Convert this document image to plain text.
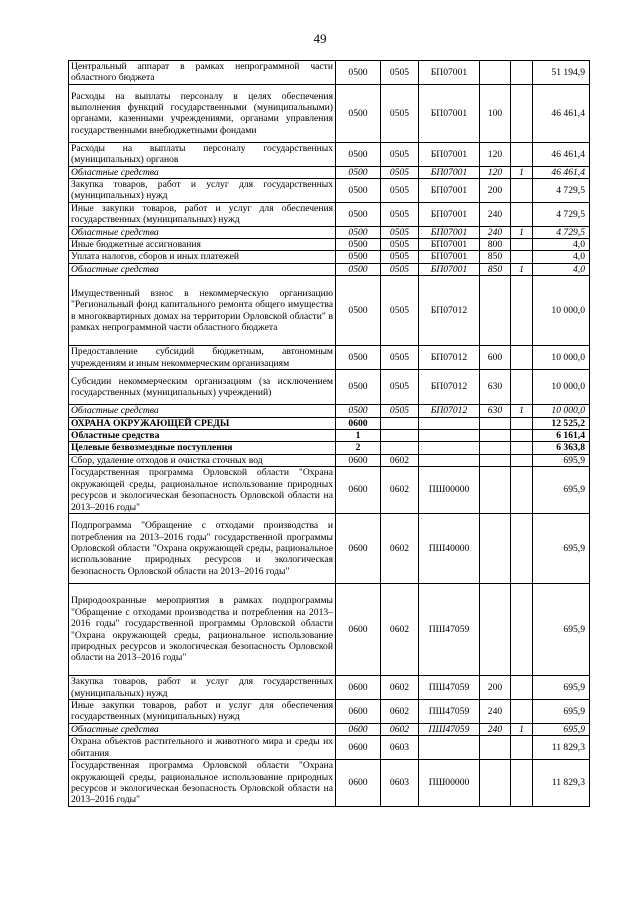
49
Центральный аппарат в рамках непрограммной части областного бюджета	0500	0505	БП07001			51 194,9
Расходы на выплаты персоналу в целях обеспечения выполнения функций государственными (муниципальными) органами, казенными учреждениями, органами управления государственными внебюджетными фондами	0500	0505	БП07001	100		46 461,4
Расходы на выплаты персоналу государственных (муниципальных) органов	0500	0505	БП07001	120		46 461,4
Областные средства	0500	0505	БП07001	120	1	46 461,4
Закупка товаров, работ и услуг для государственных (муниципальных) нужд	0500	0505	БП07001	200		4 729,5
Иные закупки товаров, работ и услуг для обеспечения государственных (муниципальных) нужд	0500	0505	БП07001	240		4 729,5
Областные средства	0500	0505	БП07001	240	1	4 729,5
Иные бюджетные ассигнования	0500	0505	БП07001	800		4,0
Уплата налогов, сборов и иных платежей	0500	0505	БП07001	850		4,0
Областные средства	0500	0505	БП07001	850	1	4,0
Имущественный взнос в некоммерческую организацию "Региональный фонд капитального ремонта общего имущества в многоквартирных домах на территории Орловской области" в рамках непрограммной части областного бюджета	0500	0505	БП07012			10 000,0
Предоставление субсидий бюджетным, автономным учреждениям и иным некоммерческим организациям	0500	0505	БП07012	600		10 000,0
Субсидии некоммерческим организациям (за исключением государственных (муниципальных) учреждений)	0500	0505	БП07012	630		10 000,0
Областные средства	0500	0505	БП07012	630	1	10 000,0
ОХРАНА ОКРУЖАЮЩЕЙ СРЕДЫ	0600					12 525,2
Областные средства	1					6 161,4
Целевые безвозмездные поступления	2					6 363,8
Сбор, удаление отходов и очистка сточных вод	0600	0602				695,9
Государственная программа Орловской области "Охрана окружающей среды, рациональное использование природных ресурсов и экологическая безопасность Орловской области на 2013–2016 годы"	0600	0602	ПШ00000			695,9
Подпрограмма "Обращение с отходами производства и потребления на 2013–2016 годы" государственной программы Орловской области "Охрана окружающей среды, рациональное использование природных ресурсов и экологическая безопасность Орловской области на 2013–2016 годы"	0600	0602	ПШ40000			695,9
Природоохранные мероприятия в рамках подпрограммы "Обращение с отходами производства и потребления на 2013–2016 годы" государственной программы Орловской области "Охрана окружающей среды, рациональное использование природных ресурсов и экологическая безопасность Орловской области на 2013–2016 годы"	0600	0602	ПШ47059			695,9
Закупка товаров, работ и услуг для государственных (муниципальных) нужд	0600	0602	ПШ47059	200		695,9
Иные закупки товаров, работ и услуг для обеспечения государственных (муниципальных) нужд	0600	0602	ПШ47059	240		695,9
Областные средства	0600	0602	ПШ47059	240	1	695,9
Охрана объектов растительного и животного мира и среды их обитания	0600	0603				11 829,3
Государственная программа Орловской области "Охрана окружающей среды, рациональное использование природных ресурсов и экологическая безопасность Орловской области на 2013–2016 годы"	0600	0603	ПШ00000			11 829,3
